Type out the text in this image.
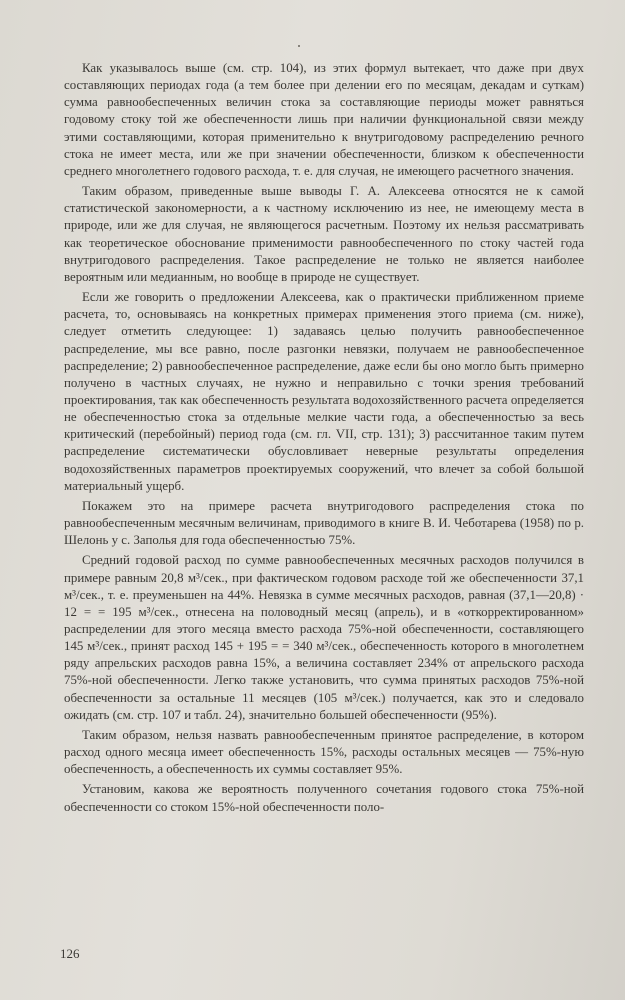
Как указывалось выше (см. стр. 104), из этих формул вытекает, что даже при двух составляющих периодах года (а тем более при делении его по месяцам, декадам и суткам) сумма равнообеспеченных величин стока за составляющие периоды может равняться годовому стоку той же обеспеченности лишь при наличии функциональной связи между этими составляющими, которая применительно к внутригодовому распределению речного стока не имеет места, или же при значении обеспеченности, близком к обеспеченности среднего многолетнего годового расхода, т. е. для случая, не имеющего расчетного значения.

Таким образом, приведенные выше выводы Г. А. Алексеева относятся не к самой статистической закономерности, а к частному исключению из нее, не имеющему места в природе, или же для случая, не являющегося расчетным. Поэтому их нельзя рассматривать как теоретическое обоснование применимости равнообеспеченного по стоку частей года внутригодового распределения. Такое распределение не только не является наиболее вероятным или медианным, но вообще в природе не существует.

Если же говорить о предложении Алексеева, как о практически приближенном приеме расчета, то, основываясь на конкретных примерах применения этого приема (см. ниже), следует отметить следующее: 1) задаваясь целью получить равнообеспеченное распределение, мы все равно, после разгонки невязки, получаем не равнообеспеченное распределение; 2) равнообеспеченное распределение, даже если бы оно могло быть примерно получено в частных случаях, не нужно и неправильно с точки зрения требований проектирования, так как обеспеченность результата водохозяйственного расчета определяется не обеспеченностью стока за отдельные мелкие части года, а обеспеченностью за весь критический (перебойный) период года (см. гл. VII, стр. 131); 3) рассчитанное таким путем распределение систематически обусловливает неверные результаты определения водохозяйственных параметров проектируемых сооружений, что влечет за собой большой материальный ущерб.

Покажем это на примере расчета внутригодового распределения стока по равнообеспеченным месячным величинам, приводимого в книге В. И. Чеботарева (1958) по р. Шелонь у с. Заполья для года обеспеченностью 75%.

Средний годовой расход по сумме равнообеспеченных месячных расходов получился в примере равным 20,8 м³/сек., при фактическом годовом расходе той же обеспеченности 37,1 м³/сек., т. е. преуменьшен на 44%. Невязка в сумме месячных расходов, равная (37,1—20,8) · 12 = = 195 м³/сек., отнесена на половодный месяц (апрель), и в «откорректированном» распределении для этого месяца вместо расхода 75%-ной обеспеченности, составляющего 145 м³/сек., принят расход 145 + 195 = = 340 м³/сек., обеспеченность которого в многолетнем ряду апрельских расходов равна 15%, а величина составляет 234% от апрельского расхода 75%-ной обеспеченности. Легко также установить, что сумма принятых расходов 75%-ной обеспеченности за остальные 11 месяцев (105 м³/сек.) получается, как это и следовало ожидать (см. стр. 107 и табл. 24), значительно большей обеспеченности (95%).

Таким образом, нельзя назвать равнообеспеченным принятое распределение, в котором расход одного месяца имеет обеспеченность 15%, расходы остальных месяцев — 75%-ную обеспеченность, а обеспеченность их суммы составляет 95%.

Установим, какова же вероятность полученного сочетания годового стока 75%-ной обеспеченности со стоком 15%-ной обеспеченности поло-

126
